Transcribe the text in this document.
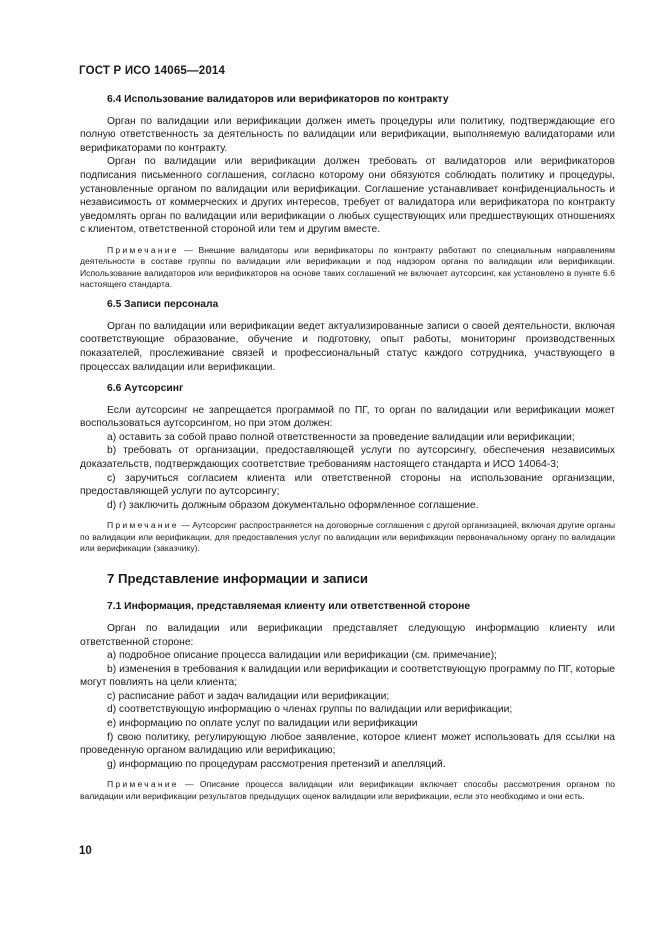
ГОСТ Р ИСО 14065—2014

6.4 Использование валидаторов или верификаторов по контракту

Орган по валидации или верификации должен иметь процедуры или политику, подтверждающие его полную ответственность за деятельность по валидации или верификации, выполняемую валидаторами или верификаторами по контракту.

Орган по валидации или верификации должен требовать от валидаторов или верификаторов подписания письменного соглашения, согласно которому они обязуются соблюдать политику и процедуры, установленные органом по валидации или верификации. Соглашение устанавливает конфиденциальность и независимость от коммерческих и других интересов, требует от валидатора или верификатора по контракту уведомлять орган по валидации или верификации о любых существующих или предшествующих отношениях с клиентом, ответственной стороной или тем и другим вместе.

Примечание — Внешние валидаторы или верификаторы по контракту работают по специальным направлениям деятельности в составе группы по валидации или верификации и под надзором органа по валидации или верификации. Использование валидаторов или верификаторов на основе таких соглашений не включает аутсорсинг, как установлено в пункте 6.6 настоящего стандарта.

6.5 Записи персонала

Орган по валидации или верификации ведет актуализированные записи о своей деятельности, включая соответствующие образование, обучение и подготовку, опыт работы, мониторинг производственных показателей, прослеживание связей и профессиональный статус каждого сотрудника, участвующего в процессах валидации или верификации.

6.6 Аутсорсинг

Если аутсорсинг не запрещается программой по ПГ, то орган по валидации или верификации может воспользоваться аутсорсингом, но при этом должен:

a) оставить за собой право полной ответственности за проведение валидации или верификации;

b) требовать от организации, предоставляющей услуги по аутсорсингу, обеспечения независимых доказательств, подтверждающих соответствие требованиям настоящего стандарта и ИСО 14064-3;

c) заручиться согласием клиента или ответственной стороны на использование организации, предоставляющей услуги по аутсорсингу;

d) г) заключить должным образом документально оформленное соглашение.

Примечание — Аутсорсинг распространяется на договорные соглашения с другой организацией, включая другие органы по валидации или верификации, для предоставления услуг по валидации или верификации первоначальному органу по валидации или верификации (заказчику).

7 Представление информации и записи

7.1 Информация, представляемая клиенту или ответственной стороне

Орган по валидации или верификации представляет следующую информацию клиенту или ответственной стороне:

a) подробное описание процесса валидации или верификации (см. примечание);

b) изменения в требования к валидации или верификации и соответствующую программу по ПГ, которые могут повлиять на цели клиента;

c) расписание работ и задач валидации или верификации;

d) соответствующую информацию о членах группы по валидации или верификации;

e) информацию по оплате услуг по валидации или верификации

f) свою политику, регулирующую любое заявление, которое клиент может использовать для ссылки на проведенную органом валидацию или верификацию;

g) информацию по процедурам рассмотрения претензий и апелляций.

Примечание — Описание процесса валидации или верификации включает способы рассмотрения органом по валидации или верификации результатов предыдущих оценок валидации или верификации, если это необходимо и они есть.

10
